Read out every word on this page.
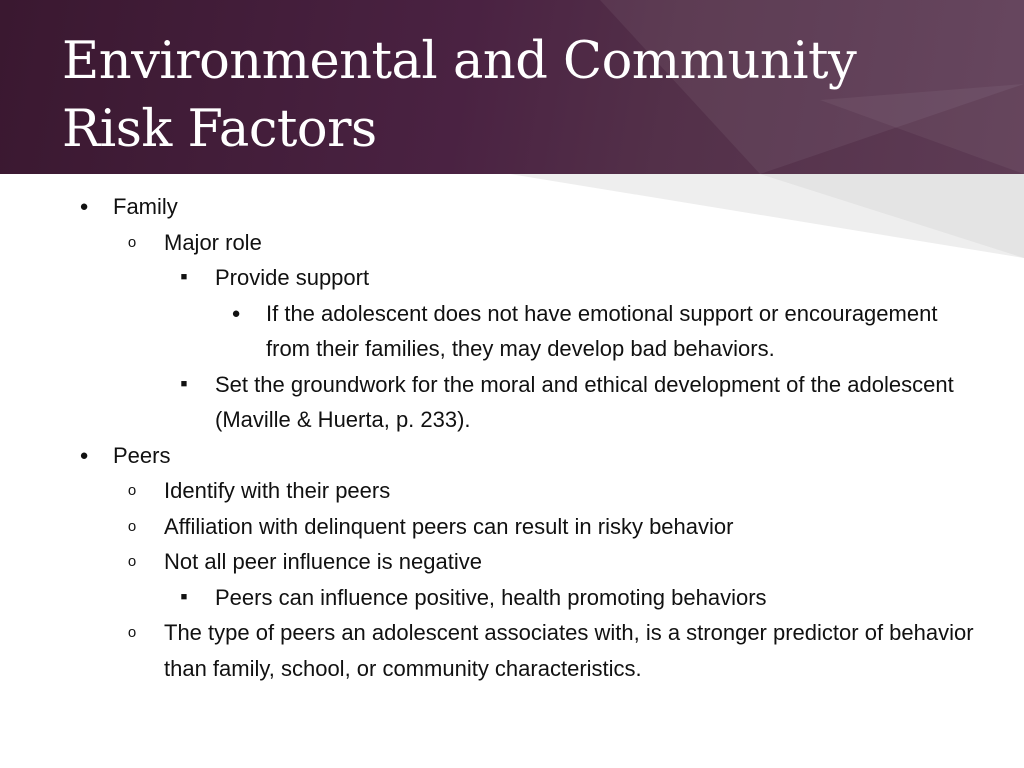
Environmental and Community
Risk Factors
●	Family
o	Major role
■	Provide support
●	If the adolescent does not have emotional support or encouragement from their families, they may develop bad behaviors.
■	Set the groundwork for the moral and ethical development of the adolescent (Maville & Huerta, p. 233).
●	Peers
o	Identify with their peers
o	Affiliation with delinquent peers can result in risky behavior
o	Not all peer influence is negative
■	Peers can influence positive, health promoting behaviors
o	The type of peers an adolescent associates with, is a stronger predictor of behavior than family, school, or community characteristics.
